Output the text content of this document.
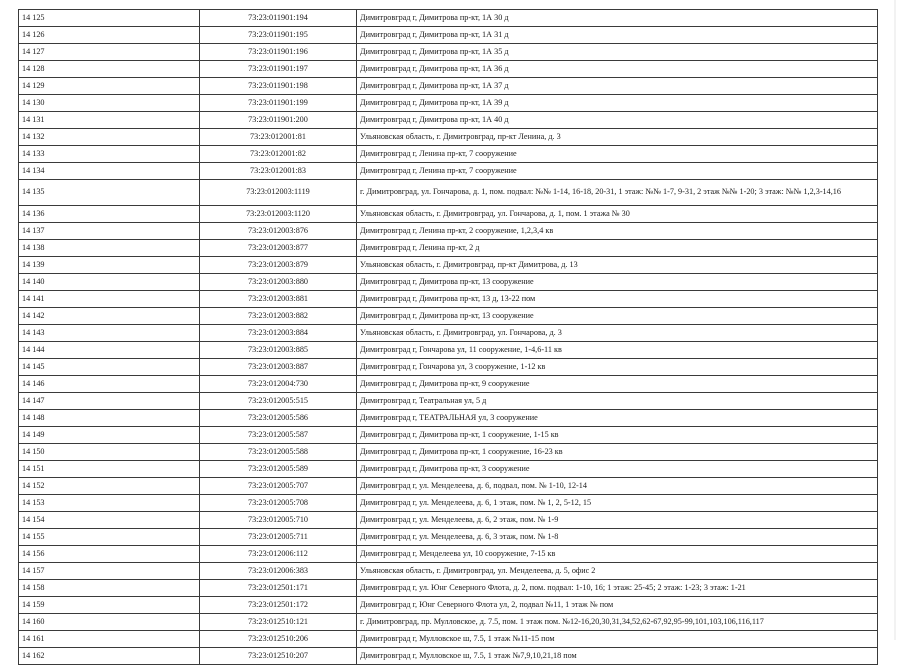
14 125	73:23:011901:194	Димитровград г, Димитрова пр-кт, 1А 30 д
14 126	73:23:011901:195	Димитровград г, Димитрова пр-кт, 1А 31 д
14 127	73:23:011901:196	Димитровград г, Димитрова пр-кт, 1А 35 д
14 128	73:23:011901:197	Димитровград г, Димитрова пр-кт, 1А 36 д
14 129	73:23:011901:198	Димитровград г, Димитрова пр-кт, 1А 37 д
14 130	73:23:011901:199	Димитровград г, Димитрова пр-кт, 1А 39 д
14 131	73:23:011901:200	Димитровград г, Димитрова пр-кт, 1А 40 д
14 132	73:23:012001:81	Ульяновская область, г. Димитровград, пр-кт Ленина, д. 3
14 133	73:23:012001:82	Димитровград г, Ленина пр-кт, 7 сооружение
14 134	73:23:012001:83	Димитровград г, Ленина пр-кт, 7 сооружение
14 135	73:23:012003:1119	г. Димитровград, ул. Гончарова, д. 1, пом. подвал: №№ 1-14, 16-18, 20-31, 1 этаж: №№ 1-7, 9-31, 2 этаж №№ 1-20; 3 этаж: №№ 1,2,3-14,16
14 136	73:23:012003:1120	Ульяновская область, г. Димитровград, ул. Гончарова, д. 1, пом. 1 этажа № 30
14 137	73:23:012003:876	Димитровград г, Ленина пр-кт, 2 сооружение, 1,2,3,4 кв
14 138	73:23:012003:877	Димитровград г, Ленина пр-кт, 2 д
14 139	73:23:012003:879	Ульяновская область, г. Димитровград, пр-кт Димитрова, д. 13
14 140	73:23:012003:880	Димитровград г, Димитрова пр-кт, 13 сооружение
14 141	73:23:012003:881	Димитровград г, Димитрова пр-кт, 13 д, 13-22 пом
14 142	73:23:012003:882	Димитровград г, Димитрова пр-кт, 13 сооружение
14 143	73:23:012003:884	Ульяновская область, г. Димитровград, ул. Гончарова, д. 3
14 144	73:23:012003:885	Димитровград г, Гончарова ул, 11 сооружение, 1-4,6-11 кв
14 145	73:23:012003:887	Димитровград г, Гончарова ул, 3 сооружение, 1-12 кв
14 146	73:23:012004:730	Димитровград г, Димитрова пр-кт, 9 сооружение
14 147	73:23:012005:515	Димитровград г, Театральная ул, 5 д
14 148	73:23:012005:586	Димитровград г, ТЕАТРАЛЬНАЯ ул, 3 сооружение
14 149	73:23:012005:587	Димитровград г, Димитрова пр-кт, 1 сооружение, 1-15 кв
14 150	73:23:012005:588	Димитровград г, Димитрова пр-кт, 1 сооружение, 16-23 кв
14 151	73:23:012005:589	Димитровград г, Димитрова пр-кт, 3 сооружение
14 152	73:23:012005:707	Димитровград г, ул. Менделеева, д. 6, подвал, пом. № 1-10, 12-14
14 153	73:23:012005:708	Димитровград г, ул. Менделеева, д. 6, 1 этаж, пом. № 1, 2, 5-12, 15
14 154	73:23:012005:710	Димитровград г, ул. Менделеева, д. 6, 2 этаж, пом. № 1-9
14 155	73:23:012005:711	Димитровград г, ул. Менделеева, д. 6, 3 этаж, пом. № 1-8
14 156	73:23:012006:112	Димитровград г, Менделеева ул, 10 сооружение, 7-15 кв
14 157	73:23:012006:383	Ульяновская область, г. Димитровград, ул. Менделеева, д. 5, офис 2
14 158	73:23:012501:171	Димитровград г, ул. Юнг Северного Флота, д. 2, пом. подвал: 1-10, 16; 1 этаж: 25-45; 2 этаж: 1-23; 3 этаж: 1-21
14 159	73:23:012501:172	Димитровград г, Юнг Северного Флота ул, 2, подвал №11, 1 этаж № пом
14 160	73:23:012510:121	г. Димитровград, пр. Мулловское, д. 7.5, пом. 1 этаж пом. №12-16,20,30,31,34,52,62-67,92,95-99,101,103,106,116,117
14 161	73:23:012510:206	Димитровград г, Мулловское ш, 7.5, 1 этаж №11-15 пом
14 162	73:23:012510:207	Димитровград г, Мулловское ш, 7.5, 1 этаж №7,9,10,21,18 пом
